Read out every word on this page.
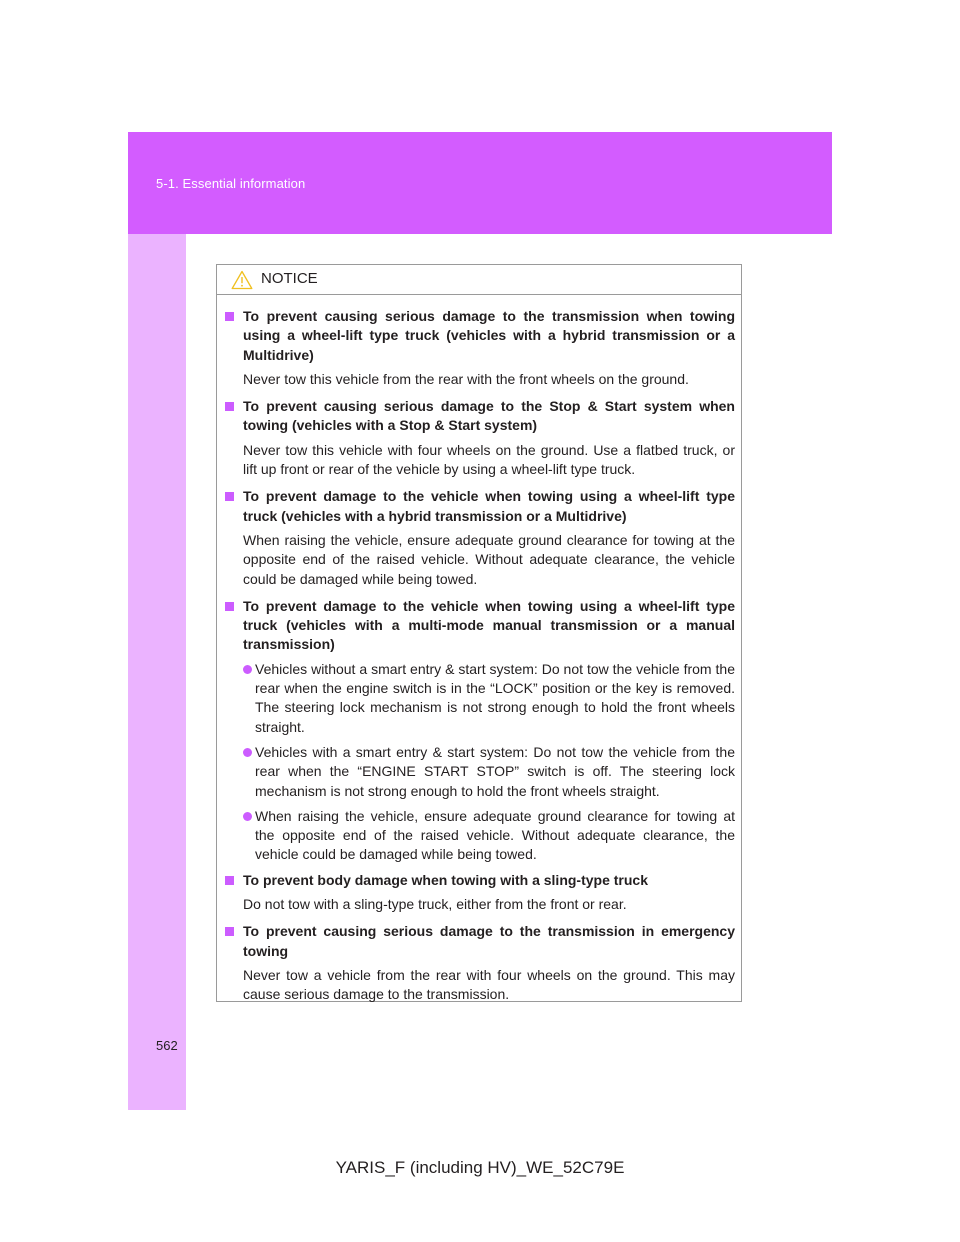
5-1. Essential information
NOTICE
To prevent causing serious damage to the transmission when towing using a wheel-lift type truck (vehicles with a hybrid transmission or a Multidrive)
Never tow this vehicle from the rear with the front wheels on the ground.
To prevent causing serious damage to the Stop & Start system when towing (vehicles with a Stop & Start system)
Never tow this vehicle with four wheels on the ground. Use a flatbed truck, or lift up front or rear of the vehicle by using a wheel-lift type truck.
To prevent damage to the vehicle when towing using a wheel-lift type truck (vehicles with a hybrid transmission or a Multidrive)
When raising the vehicle, ensure adequate ground clearance for towing at the opposite end of the raised vehicle. Without adequate clearance, the vehicle could be damaged while being towed.
To prevent damage to the vehicle when towing using a wheel-lift type truck (vehicles with a multi-mode manual transmission or a manual transmission)
Vehicles without a smart entry & start system: Do not tow the vehicle from the rear when the engine switch is in the “LOCK” position or the key is removed. The steering lock mechanism is not strong enough to hold the front wheels straight.
Vehicles with a smart entry & start system: Do not tow the vehicle from the rear when the “ENGINE START STOP” switch is off. The steering lock mechanism is not strong enough to hold the front wheels straight.
When raising the vehicle, ensure adequate ground clearance for towing at the opposite end of the raised vehicle. Without adequate clearance, the vehicle could be damaged while being towed.
To prevent body damage when towing with a sling-type truck
Do not tow with a sling-type truck, either from the front or rear.
To prevent causing serious damage to the transmission in emergency towing
Never tow a vehicle from the rear with four wheels on the ground. This may cause serious damage to the transmission.
562
YARIS_F (including HV)_WE_52C79E
